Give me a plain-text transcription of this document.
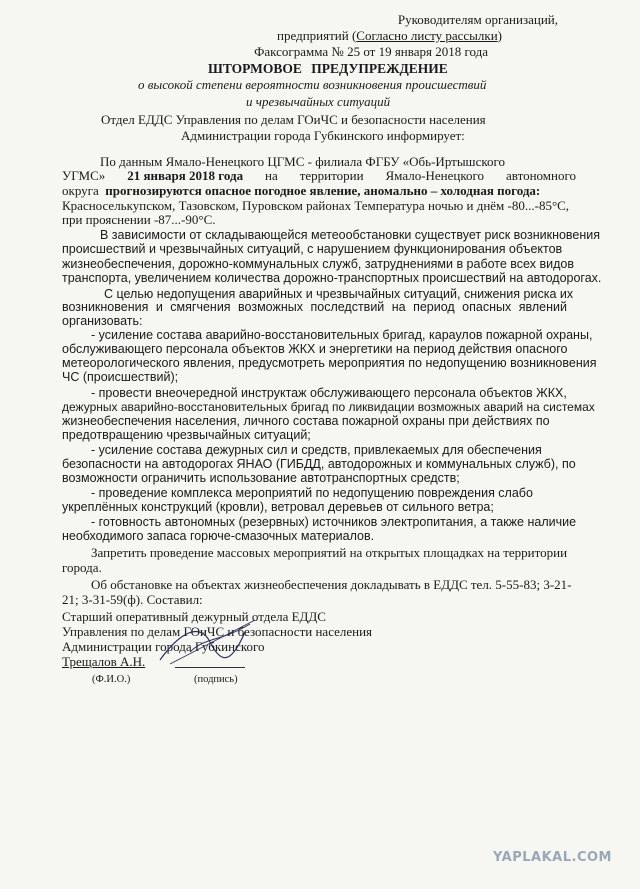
Руководителям организаций,
предприятий (Согласно листу рассылки)
Факсограмма № 25 от 19 января 2018 года
ШТОРМОВОЕ ПРЕДУПРЕЖДЕНИЕ
о высокой степени вероятности возникновения происшествий
и чрезвычайных ситуаций
Отдел ЕДДС Управления по делам ГОиЧС и безопасности населения
Администрации города Губкинского информирует:
По данным Ямало-Ненецкого ЦГМС - филиала ФГБУ «Обь-Иртышского
УГМС» 21 января 2018 года на территории Ямало-Ненецкого автономного
округа прогнозируются опасное погодное явление, аномально – холодная погода:
Красноселькупском, Тазовском, Пуровском районах Температура ночью и днём -80...-85°С,
при прояснении -87...-90°С.
В зависимости от складывающейся метеообстановки существует риск возникновения
происшествий и чрезвычайных ситуаций, с нарушением функционирования объектов
жизнеобеспечения, дорожно-коммунальных служб, затруднениями в работе всех видов
транспорта, увеличением количества дорожно-транспортных происшествий на автодорогах.
С целью недопущения аварийных и чрезвычайных ситуаций, снижения риска их
возникновения и смягчения возможных последствий на период опасных явлений
организовать:
- усиление состава аварийно-восстановительных бригад, караулов пожарной охраны,
обслуживающего персонала объектов ЖКХ и энергетики на период действия опасного
метеорологического явления, предусмотреть мероприятия по недопущению возникновения
ЧС (происшествий);
- провести внеочередной инструктаж обслуживающего персонала объектов ЖКХ,
дежурных аварийно-восстановительных бригад по ликвидации возможных аварий на системах
жизнеобеспечения населения, личного состава пожарной охраны при действиях по
предотвращению чрезвычайных ситуаций;
- усиление состава дежурных сил и средств, привлекаемых для обеспечения
безопасности на автодорогах ЯНАО (ГИБДД, автодорожных и коммунальных служб), по
возможности ограничить использование автотранспортных средств;
- проведение комплекса мероприятий по недопущению повреждения слабо
укреплённых конструкций (кровли), ветровал деревьев от сильного ветра;
- готовность автономных (резервных) источников электропитания, а также наличие
необходимого запаса горюче-смазочных материалов.
Запретить проведение массовых мероприятий на открытых площадках на территории
города.
Об обстановке на объектах жизнеобеспечения докладывать в ЕДДС тел. 5-55-83; 3-21-
21; 3-31-59(ф). Составил:
Старший оперативный дежурный отдела ЕДДС
Управления по делам ГОиЧС и безопасности населения
Администрации города Губкинского
Трещалов А.Н.
(Ф.И.О.)	(подпись)
YAPLAKAL.COM
